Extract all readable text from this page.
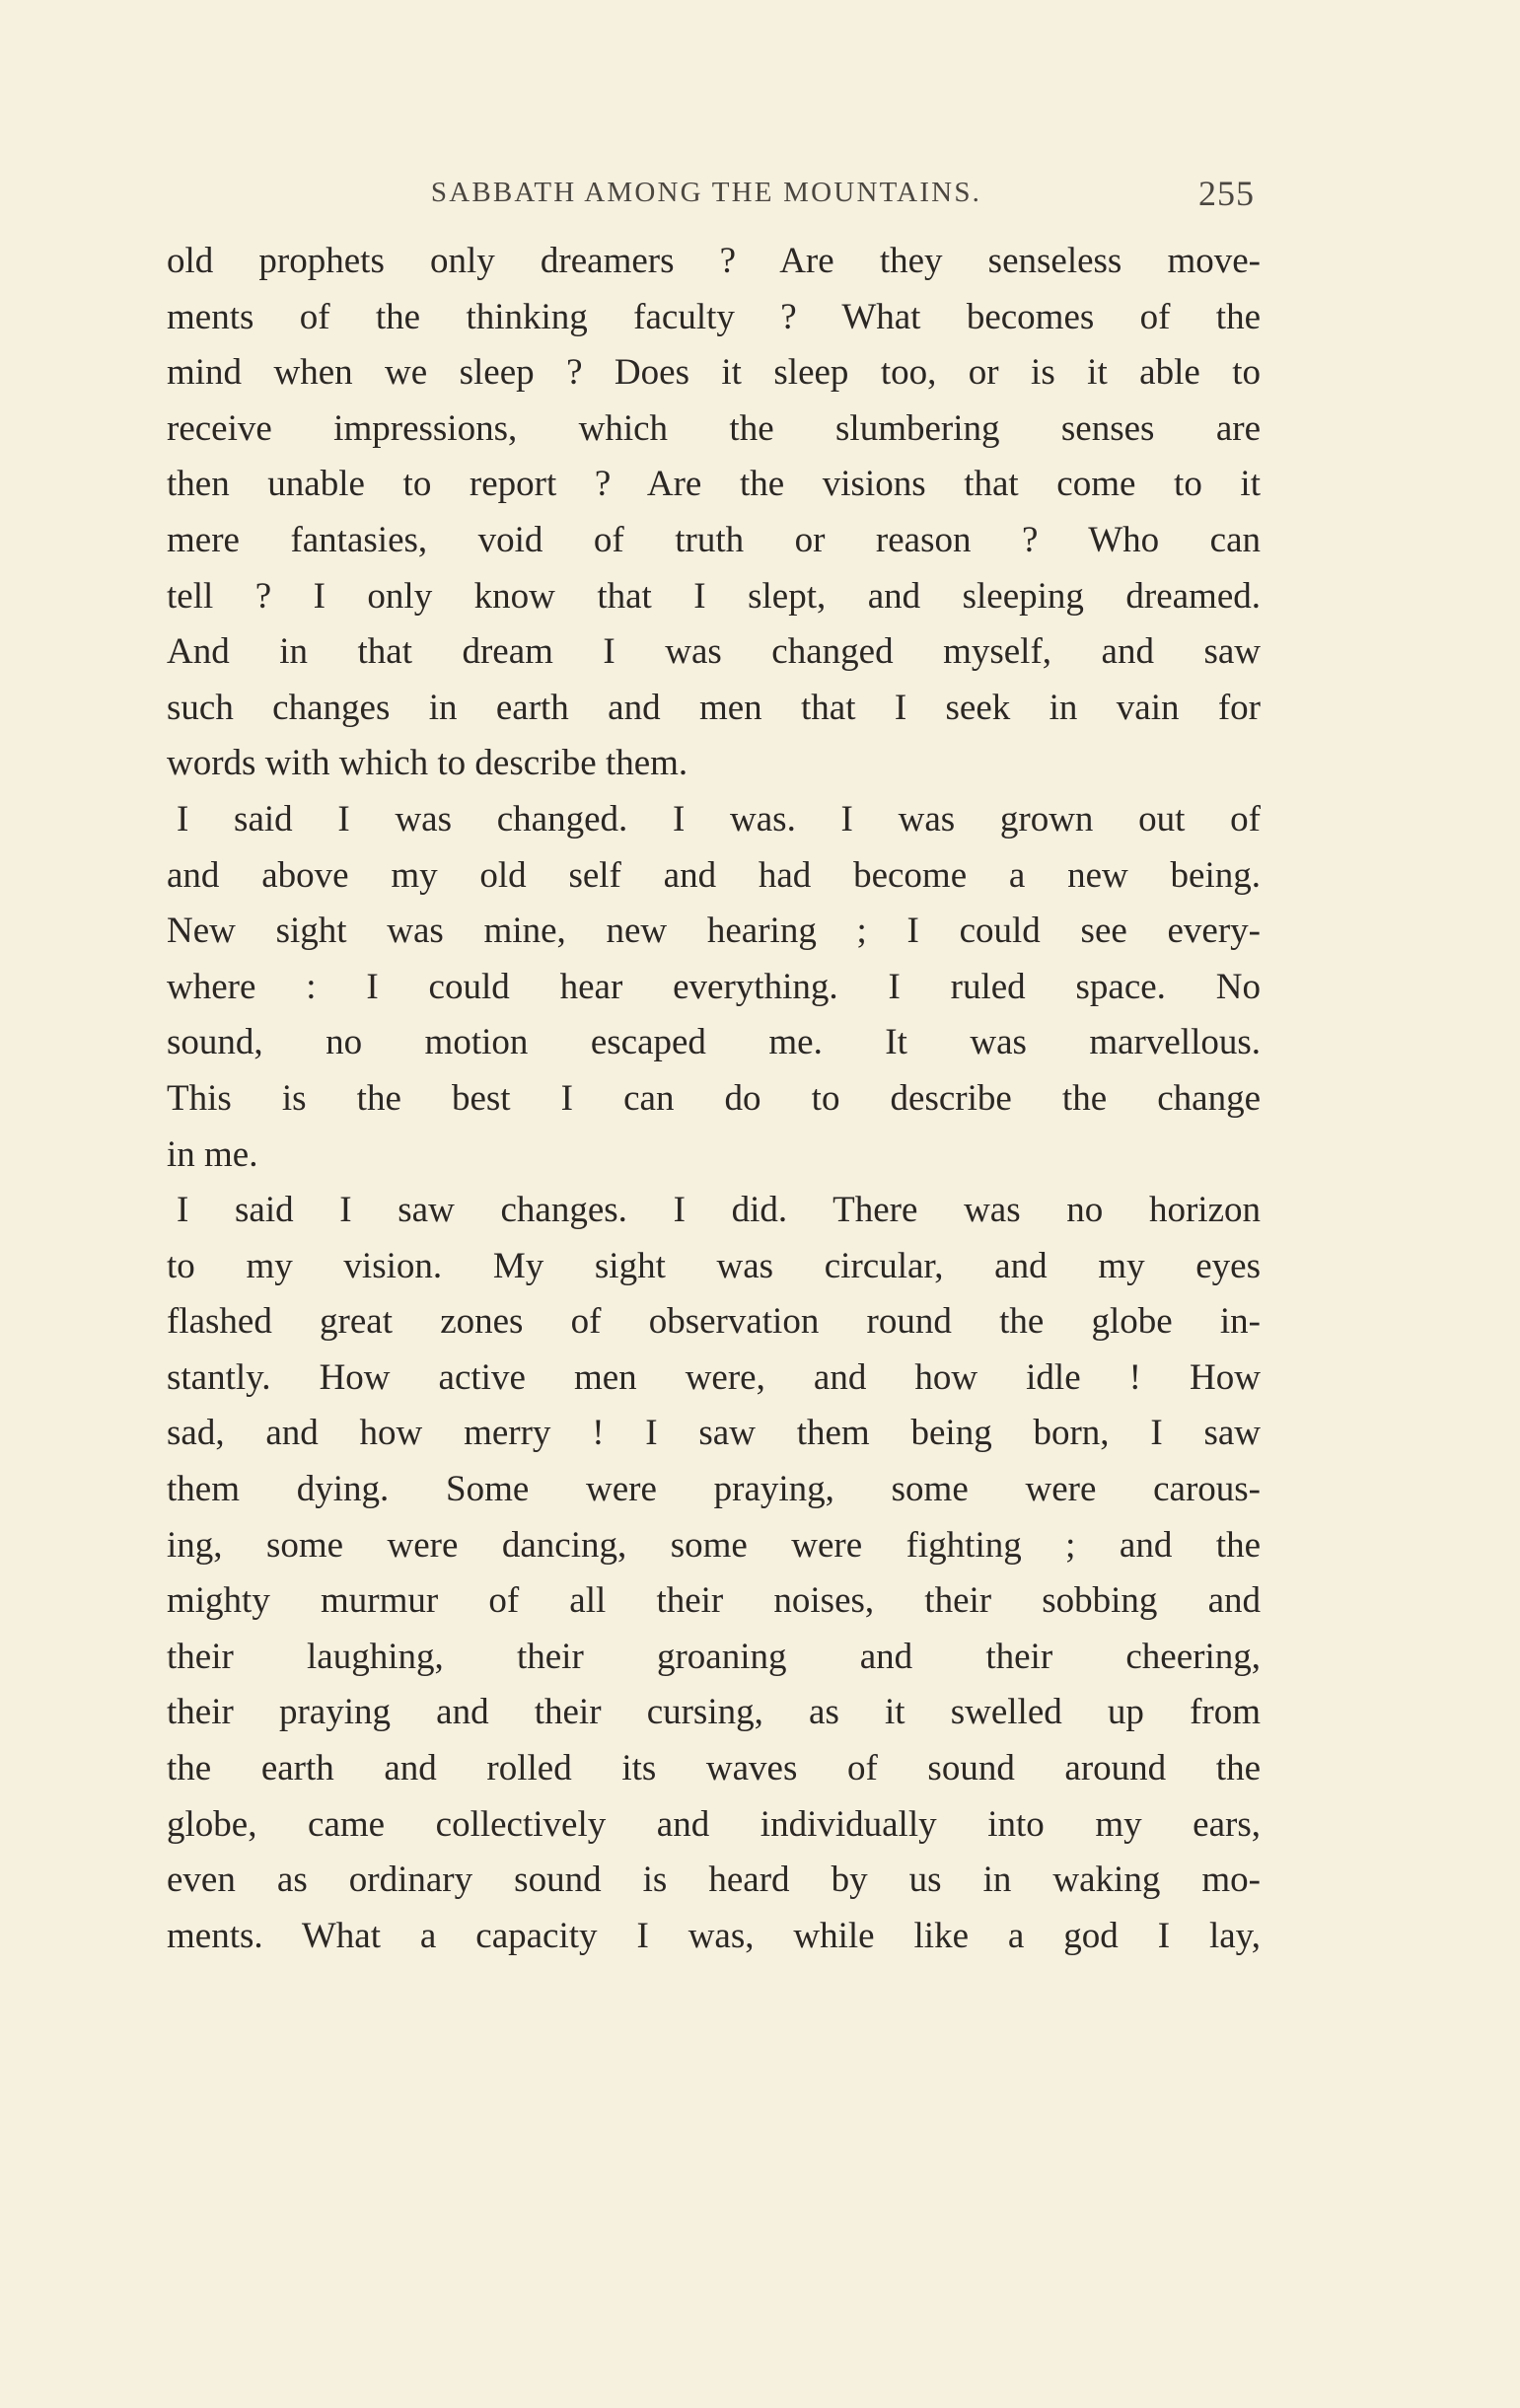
SABBATH AMONG THE MOUNTAINS.	255
old prophets only dreamers ? Are they senseless move-
ments of the thinking faculty ? What becomes of the
mind when we sleep ? Does it sleep too, or is it able to
receive impressions, which the slumbering senses are
then unable to report ? Are the visions that come to it
mere fantasies, void of truth or reason ? Who can
tell ? I only know that I slept, and sleeping dreamed.
And in that dream I was changed myself, and saw
such changes in earth and men that I seek in vain for
words with which to describe them.
I said I was changed. I was. I was grown out of
and above my old self and had become a new being.
New sight was mine, new hearing ; I could see every-
where : I could hear everything. I ruled space. No
sound, no motion escaped me. It was marvellous.
This is the best I can do to describe the change
in me.
I said I saw changes. I did. There was no horizon
to my vision. My sight was circular, and my eyes
flashed great zones of observation round the globe in-
stantly. How active men were, and how idle ! How
sad, and how merry ! I saw them being born, I saw
them dying. Some were praying, some were carous-
ing, some were dancing, some were fighting ; and the
mighty murmur of all their noises, their sobbing and
their laughing, their groaning and their cheering,
their praying and their cursing, as it swelled up from
the earth and rolled its waves of sound around the
globe, came collectively and individually into my ears,
even as ordinary sound is heard by us in waking mo-
ments. What a capacity I was, while like a god I lay,
